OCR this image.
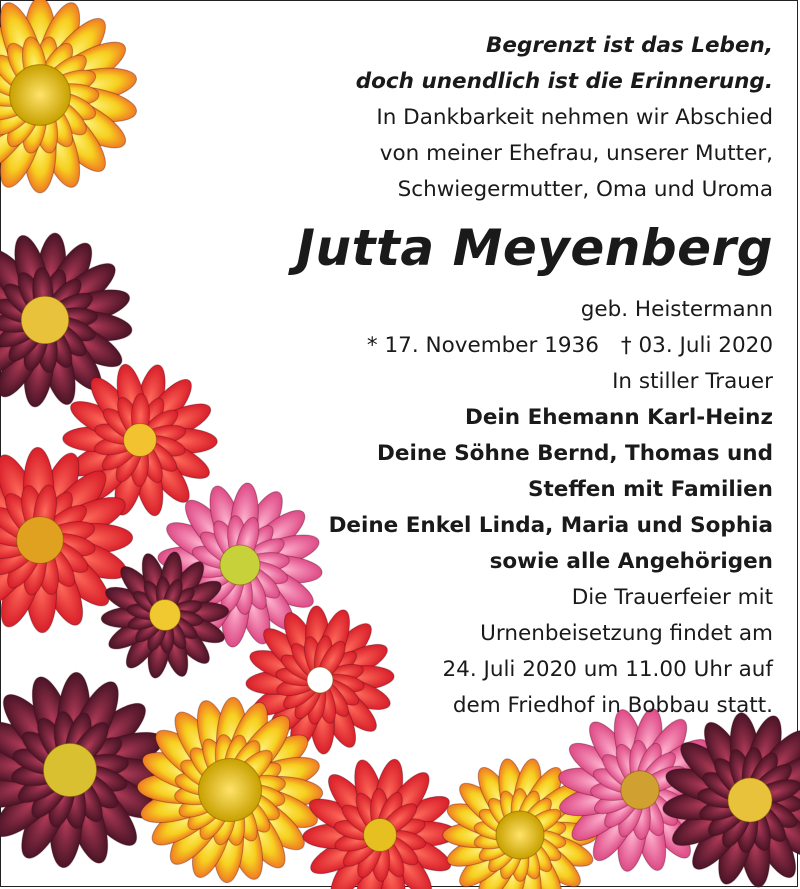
Begrenzt ist das Leben,
doch unendlich ist die Erinnerung.
In Dankbarkeit nehmen wir Abschied
von meiner Ehefrau, unserer Mutter,
Schwiegermutter, Oma und Uroma
Jutta Meyenberg
geb. Heistermann
* 17. November 1936 † 03. Juli 2020
In stiller Trauer
Dein Ehemann Karl-Heinz
Deine Söhne Bernd, Thomas und
Steffen mit Familien
Deine Enkel Linda, Maria und Sophia
sowie alle Angehörigen
Die Trauerfeier mit
Urnenbeisetzung findet am
24. Juli 2020 um 11.00 Uhr auf
dem Friedhof in Bobbau statt.
